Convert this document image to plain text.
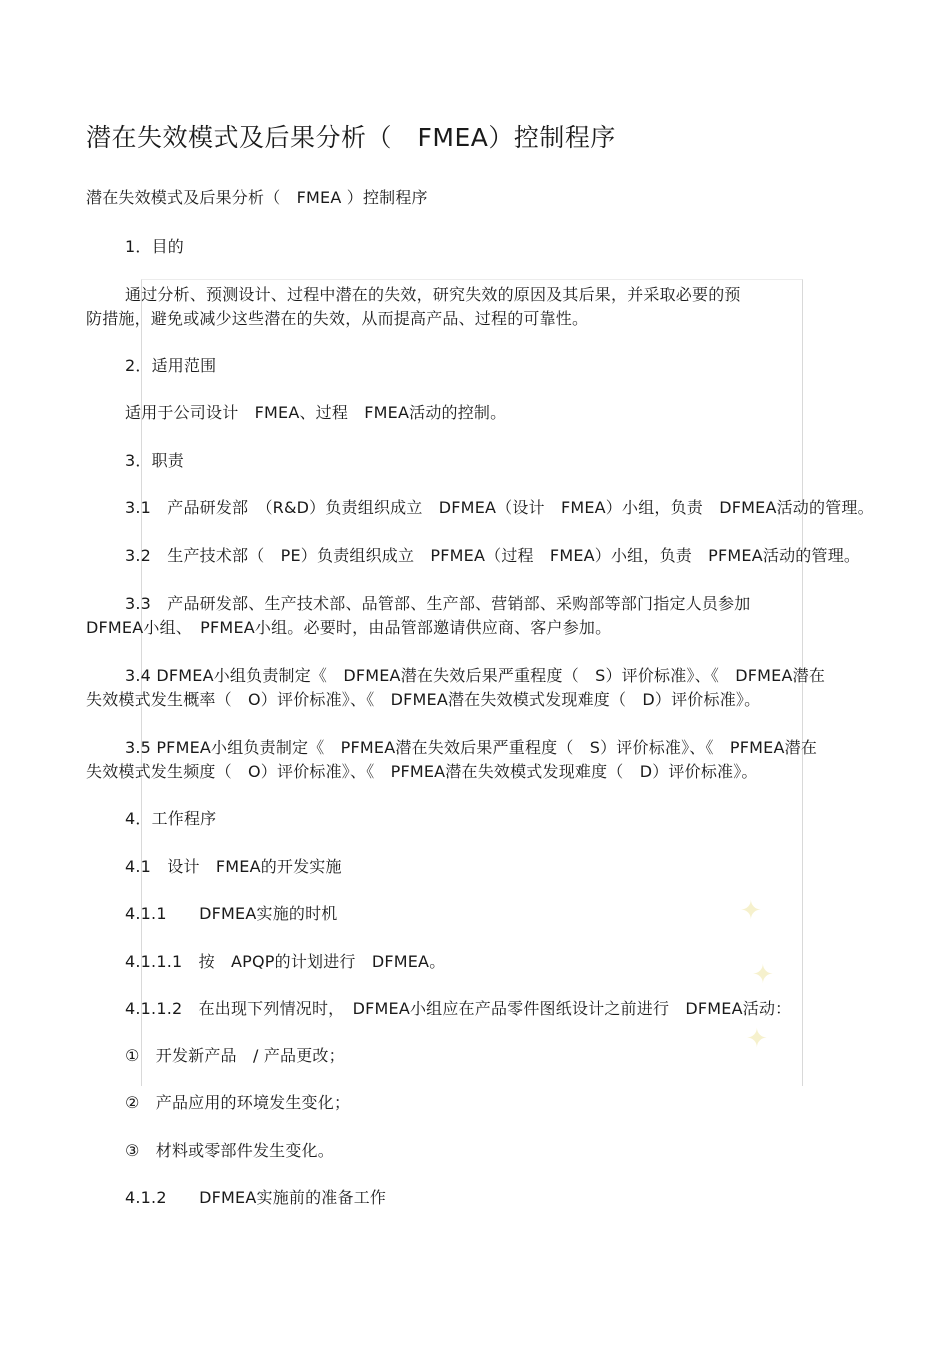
潜在失效模式及后果分析（　FMEA）控制程序
潜在失效模式及后果分析（　FMEA ）控制程序
1．目的
通过分析、预测设计、过程中潜在的失效，研究失效的原因及其后果，并采取必要的预
防措施，避免或减少这些潜在的失效，从而提高产品、过程的可靠性。
2．适用范围
适用于公司设计　FMEA、过程　FMEA活动的控制。
3．职责
3.1　产品研发部　（R&D）负责组织成立　DFMEA（设计　FMEA）小组，负责　DFMEA活动的管理。
3.2　生产技术部（　PE）负责组织成立　PFMEA（过程　FMEA）小组，负责　PFMEA活动的管理。
3.3　产品研发部、生产技术部、品管部、生产部、营销部、采购部等部门指定人员参加
DFMEA小组、　PFMEA小组。必要时，由品管部邀请供应商、客户参加。
3.4 DFMEA小组负责制定《　DFMEA潜在失效后果严重程度（　S）评价标准》、《　DFMEA潜在
失效模式发生概率（　O）评价标准》、《　DFMEA潜在失效模式发现难度（　D）评价标准》。
3.5 PFMEA小组负责制定《　PFMEA潜在失效后果严重程度（　S）评价标准》、《　PFMEA潜在
失效模式发生频度（　O）评价标准》、《　PFMEA潜在失效模式发现难度（　D）评价标准》。
4．工作程序
4.1　设计　FMEA的开发实施
4.1.1　　DFMEA实施的时机
4.1.1.1　按　APQP的计划进行　DFMEA。
4.1.1.2　在出现下列情况时，　DFMEA小组应在产品零件图纸设计之前进行　DFMEA活动：
①　开发新产品　/ 产品更改；
②　产品应用的环境发生变化；
③　材料或零部件发生变化。
4.1.2　　DFMEA实施前的准备工作
✦
✦
✦
